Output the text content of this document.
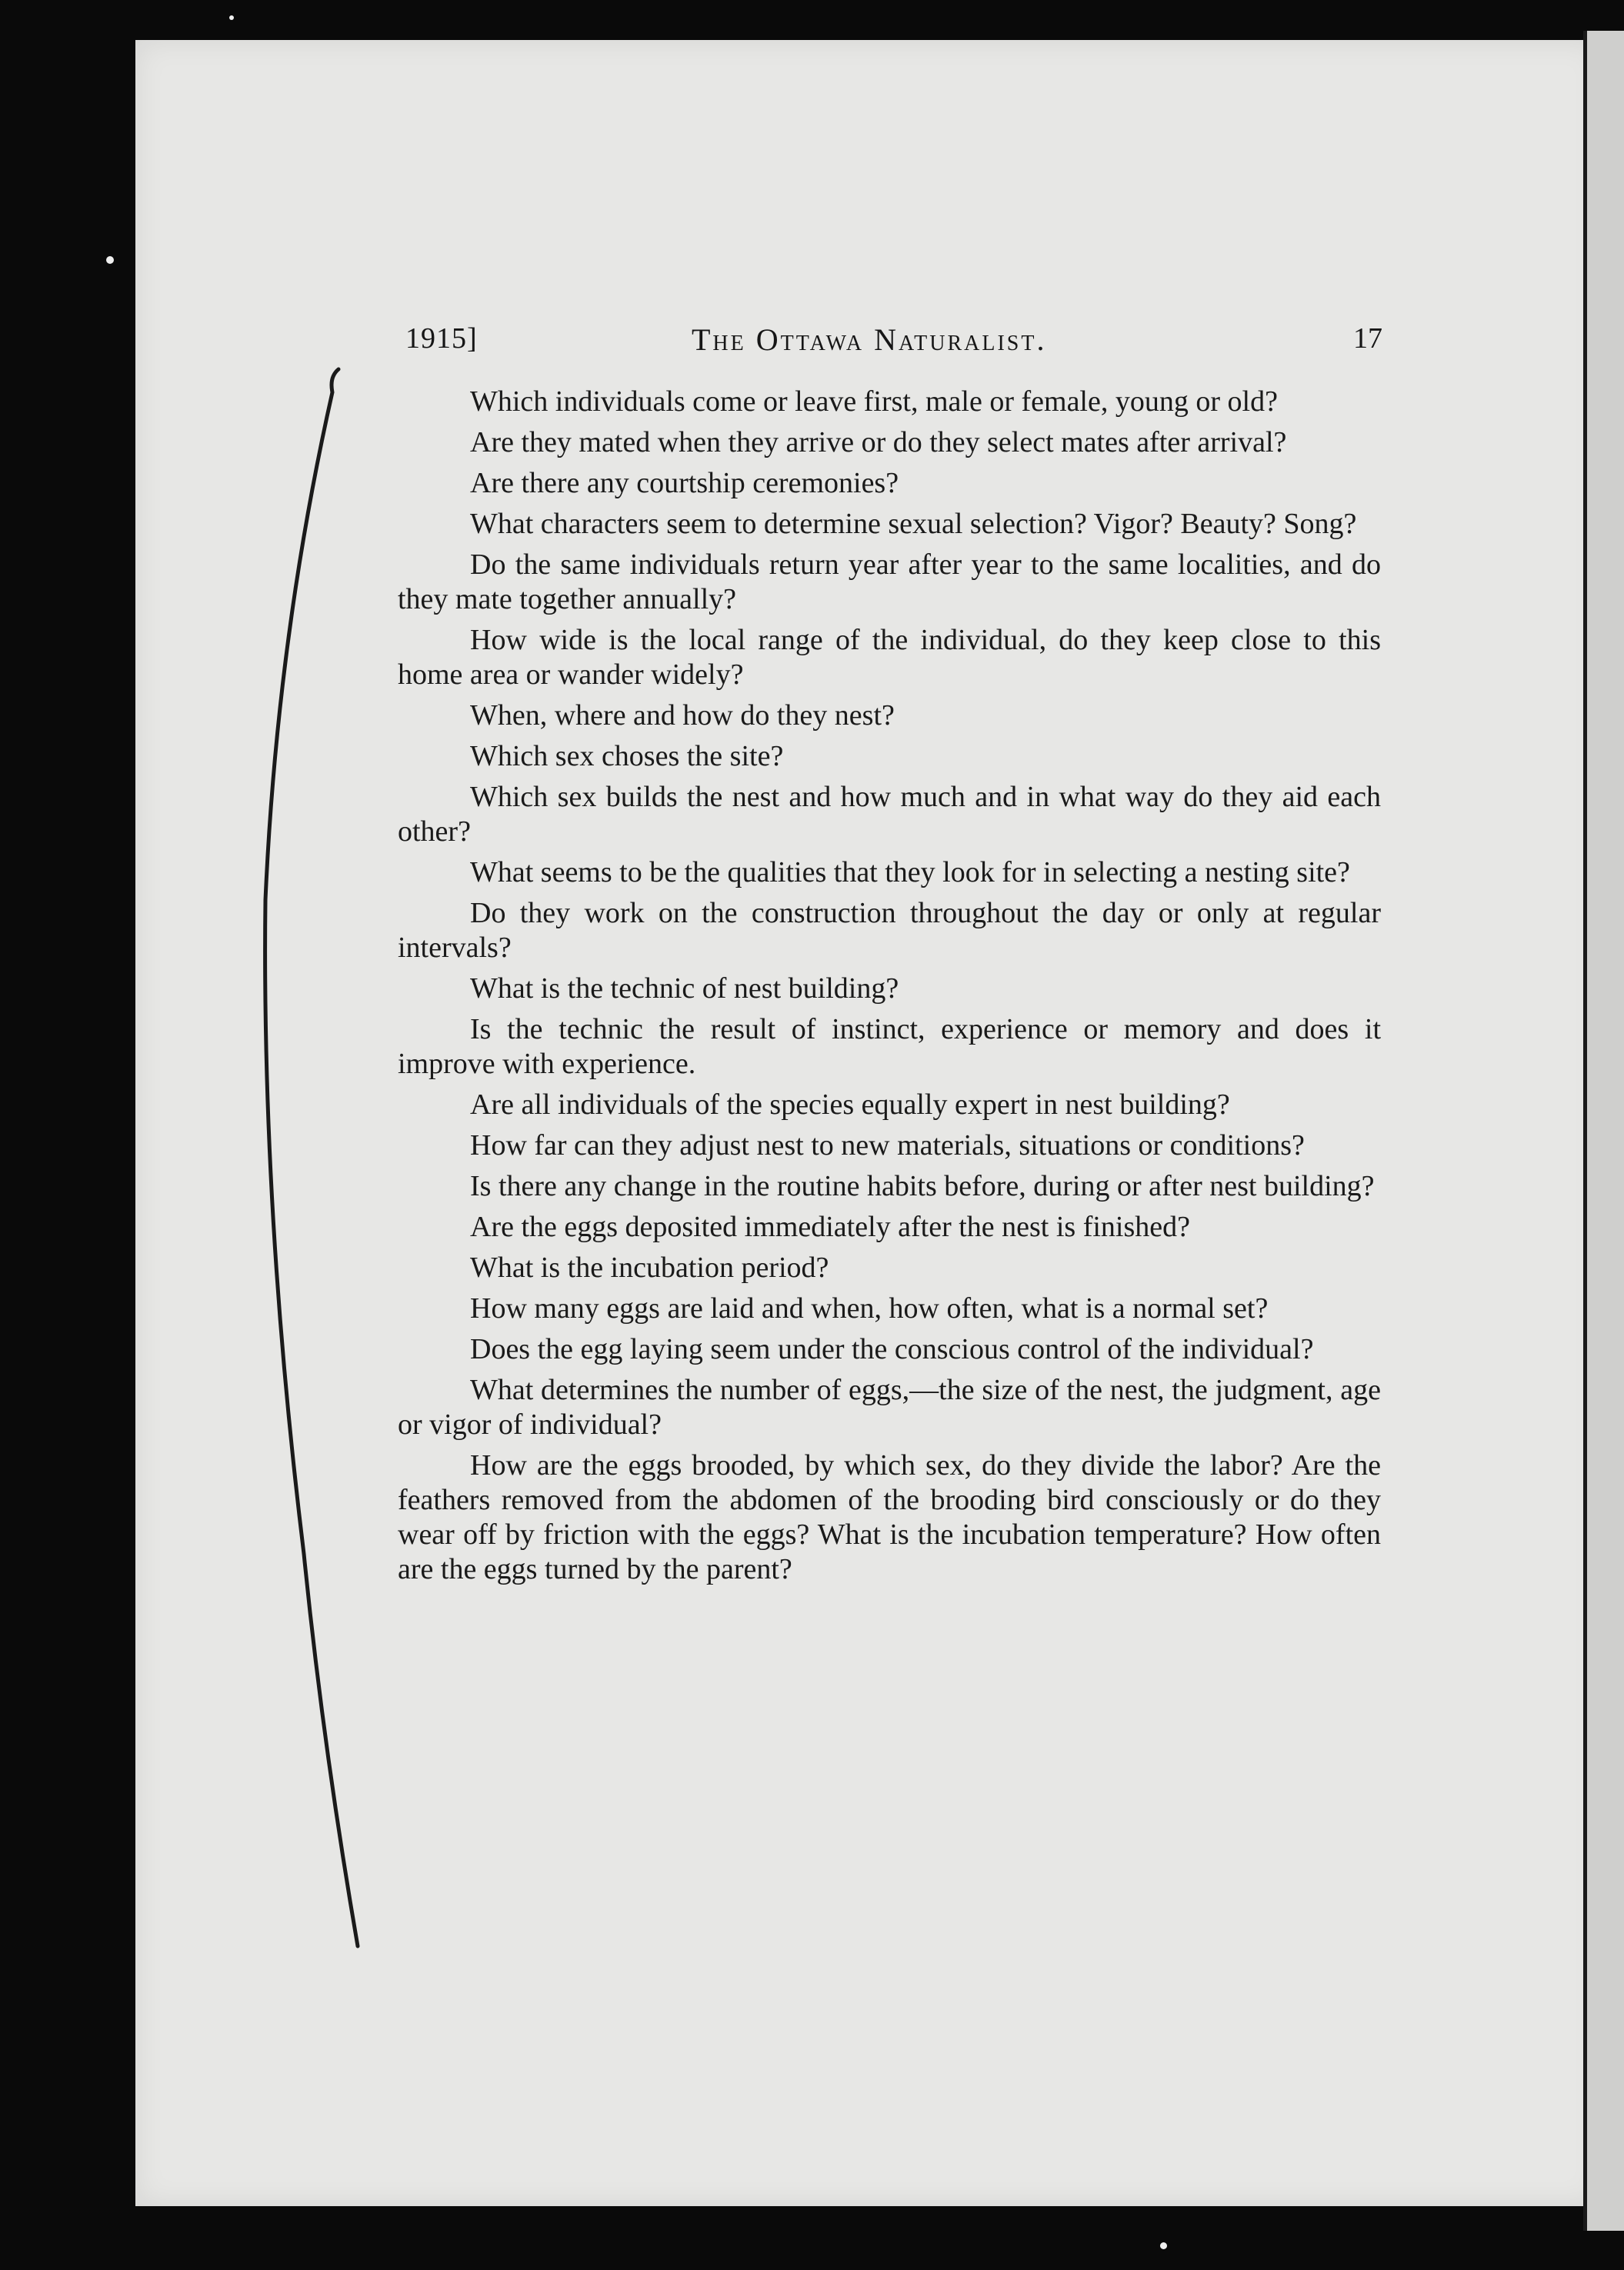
1915]	The Ottawa Naturalist.	17

Which individuals come or leave first, male or female, young or old?

Are they mated when they arrive or do they select mates after arrival?

Are there any courtship ceremonies?

What characters seem to determine sexual selection? Vigor? Beauty? Song?

Do the same individuals return year after year to the same localities, and do they mate together annually?

How wide is the local range of the individual, do they keep close to this home area or wander widely?

When, where and how do they nest?

Which sex choses the site?

Which sex builds the nest and how much and in what way do they aid each other?

What seems to be the qualities that they look for in selecting a nesting site?

Do they work on the construction throughout the day or only at regular intervals?

What is the technic of nest building?

Is the technic the result of instinct, experience or memory and does it improve with experience.

Are all individuals of the species equally expert in nest building?

How far can they adjust nest to new materials, situations or conditions?

Is there any change in the routine habits before, during or after nest building?

Are the eggs deposited immediately after the nest is finished?

What is the incubation period?

How many eggs are laid and when, how often, what is a normal set?

Does the egg laying seem under the conscious control of the individual?

What determines the number of eggs,—the size of the nest, the judgment, age or vigor of individual?

How are the eggs brooded, by which sex, do they divide the labor? Are the feathers removed from the abdomen of the brooding bird consciously or do they wear off by friction with the eggs? What is the incubation temperature? How often are the eggs turned by the parent?
